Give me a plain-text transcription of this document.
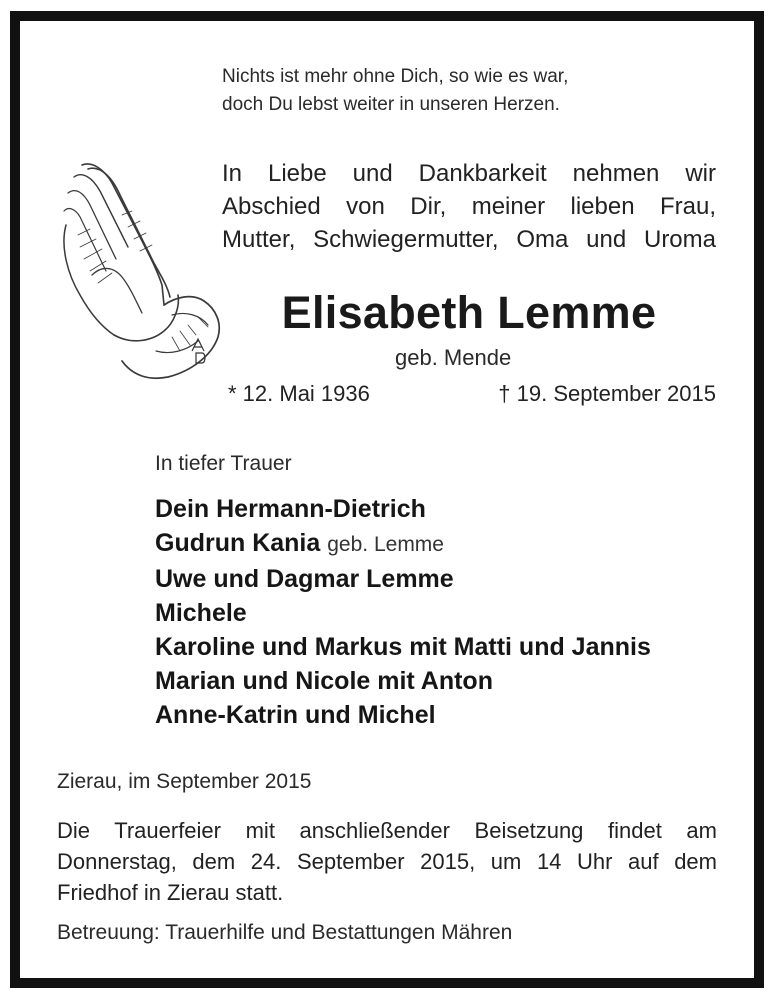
Nichts ist mehr ohne Dich, so wie es war,
doch Du lebst weiter in unseren Herzen.
In Liebe und Dankbarkeit nehmen wir
Abschied von Dir, meiner lieben Frau,
Mutter, Schwiegermutter, Oma und Uroma
Elisabeth Lemme
geb. Mende
* 12. Mai 1936	† 19. September 2015
In tiefer Trauer
Dein Hermann-Dietrich
Gudrun Kania geb. Lemme
Uwe und Dagmar Lemme
Michele
Karoline und Markus mit Matti und Jannis
Marian und Nicole mit Anton
Anne-Katrin und Michel
Zierau, im September 2015
Die Trauerfeier mit anschließender Beisetzung findet am
Donnerstag, dem 24. September 2015, um 14 Uhr auf dem
Friedhof in Zierau statt.
Betreuung: Trauerhilfe und Bestattungen Mähren
